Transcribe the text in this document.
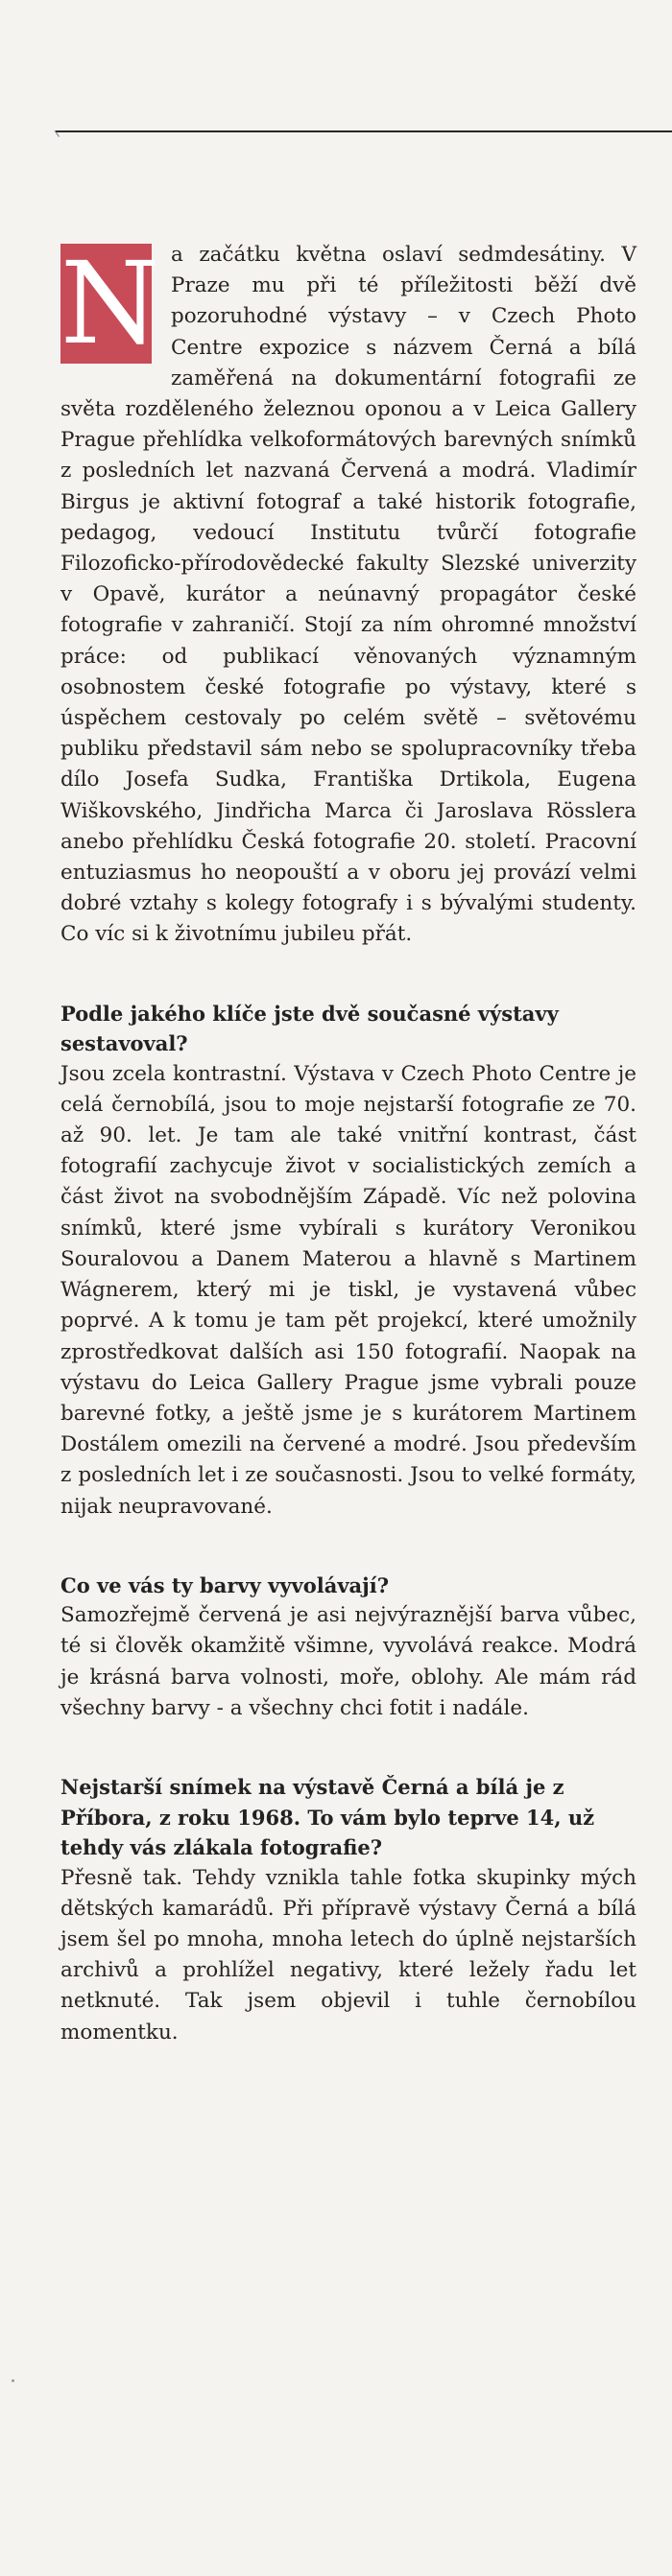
N a začátku května oslaví sedmdesátiny. V Praze mu při té příležitosti běží dvě pozoruhodné výstavy – v Czech Photo Centre expozice s názvem Černá a bílá zaměřená na dokumentární fotografii ze světa rozděleného železnou oponou a v Leica Gallery Prague přehlídka velkoformátových barevných snímků z posledních let nazvaná Červená a modrá. Vladimír Birgus je aktivní fotograf a také historik fotografie, pedagog, vedoucí Institutu tvůrčí fotografie Filozoficko-přírodovědecké fakulty Slezské univerzity v Opavě, kurátor a neúnavný propagátor české fotografie v zahraničí. Stojí za ním ohromné množství práce: od publikací věnovaných významným osobnostem české fotografie po výstavy, které s úspěchem cestovaly po celém světě – světovému publiku představil sám nebo se spolupracovníky třeba dílo Josefa Sudka, Františka Drtikola, Eugena Wiškovského, Jindřicha Marca či Jaroslava Rösslera anebo přehlídku Česká fotografie 20. století. Pracovní entuziasmus ho neopouští a v oboru jej provází velmi dobré vztahy s kolegy fotografy i s bývalými studenty. Co víc si k životnímu jubileu přát.

Podle jakého klíče jste dvě současné výstavy sestavoval?

Jsou zcela kontrastní. Výstava v Czech Photo Centre je celá černobílá, jsou to moje nejstarší fotografie ze 70. až 90. let. Je tam ale také vnitřní kontrast, část fotografií zachycuje život v socialistických zemích a část život na svobodnějším Západě. Víc než polovina snímků, které jsme vybírali s kurátory Veronikou Souralovou a Danem Materou a hlavně s Martinem Wágnerem, který mi je tiskl, je vystavená vůbec poprvé. A k tomu je tam pět projekcí, které umožnily zprostředkovat dalších asi 150 fotografií. Naopak na výstavu do Leica Gallery Prague jsme vybrali pouze barevné fotky, a ještě jsme je s kurátorem Martinem Dostálem omezili na červené a modré. Jsou především z posledních let i ze současnosti. Jsou to velké formáty, nijak neupravované.

Co ve vás ty barvy vyvolávají?

Samozřejmě červená je asi nejvýraznější barva vůbec, té si člověk okamžitě všimne, vyvolává reakce. Modrá je krásná barva volnosti, moře, oblohy. Ale mám rád všechny barvy - a všechny chci fotit i nadále.

Nejstarší snímek na výstavě Černá a bílá je z Příbora, z roku 1968. To vám bylo teprve 14, už tehdy vás zlákala fotografie?

Přesně tak. Tehdy vznikla tahle fotka skupinky mých dětských kamarádů. Při přípravě výstavy Černá a bílá jsem šel po mnoha, mnoha letech do úplně nejstarších archivů a prohlížel negativy, které ležely řadu let netknuté. Tak jsem objevil i tuhle černobílou momentku.
